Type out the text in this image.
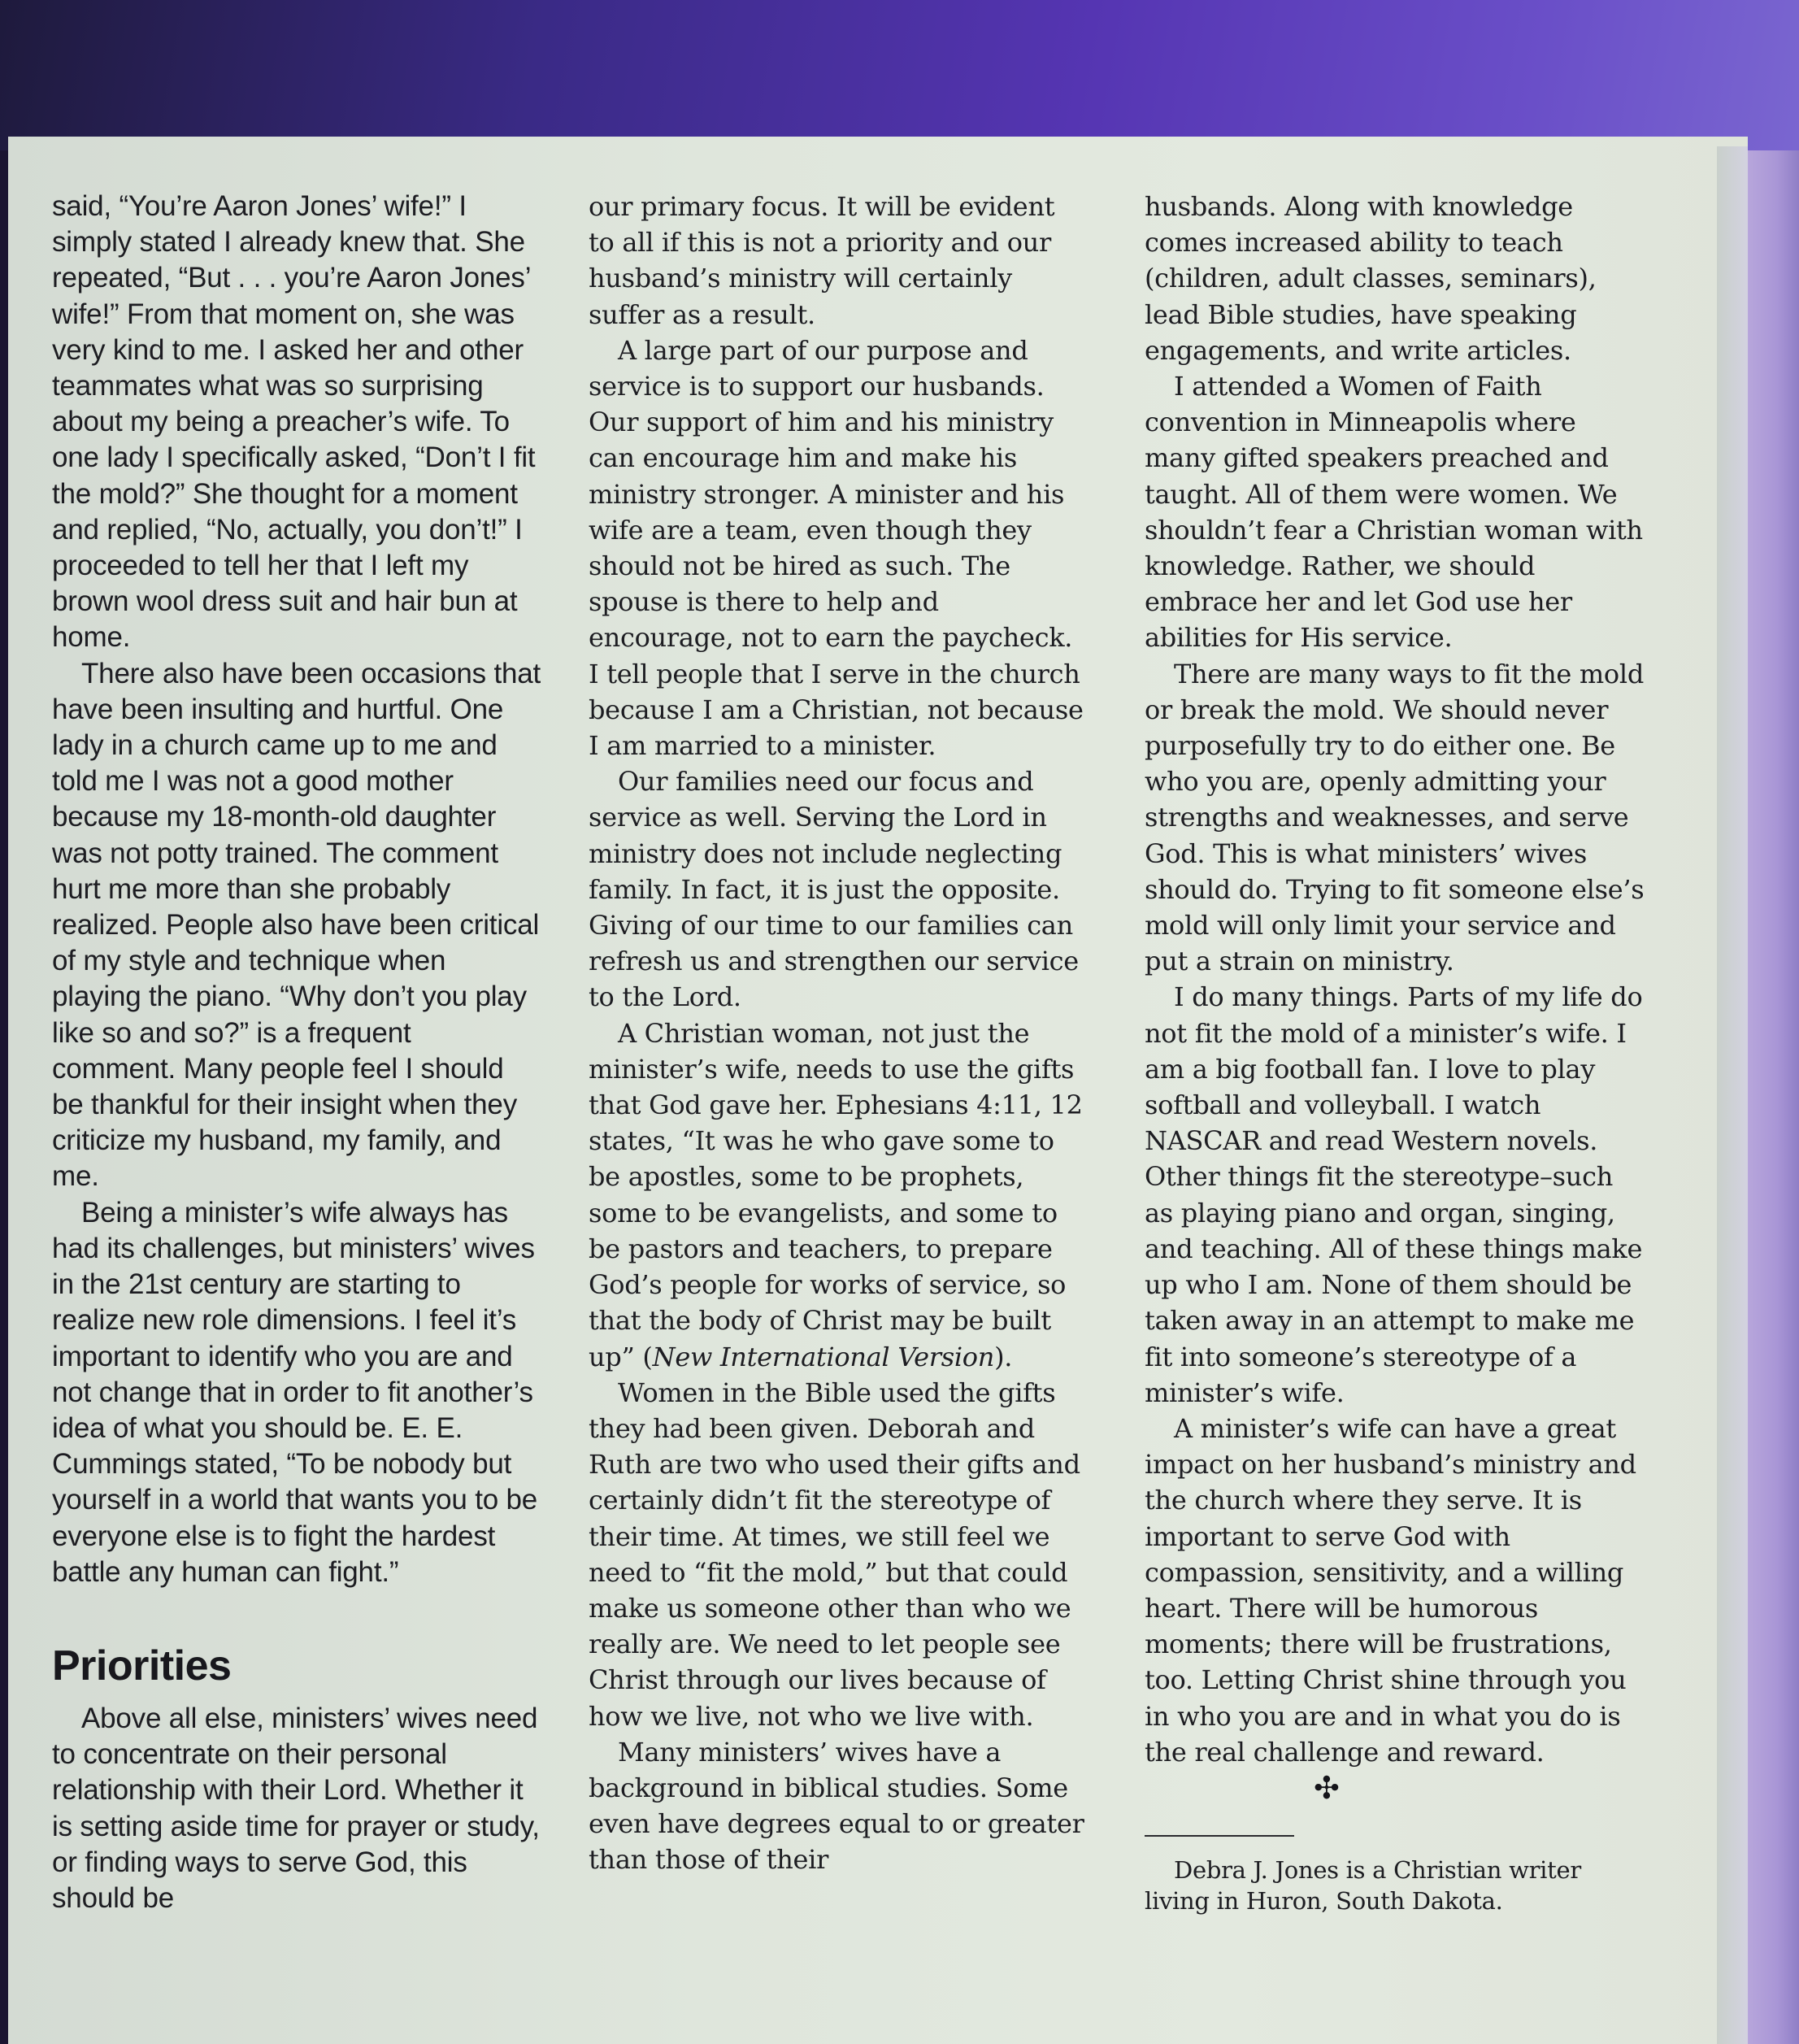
said, “You’re Aaron Jones’ wife!” I simply stated I already knew that. She repeated, “But . . . you’re Aaron Jones’ wife!” From that moment on, she was very kind to me. I asked her and other teammates what was so surprising about my being a preacher’s wife. To one lady I specifically asked, “Don’t I fit the mold?” She thought for a moment and replied, “No, actually, you don’t!” I proceeded to tell her that I left my brown wool dress suit and hair bun at home.

There also have been occasions that have been insulting and hurtful. One lady in a church came up to me and told me I was not a good mother because my 18-month-old daughter was not potty trained. The comment hurt me more than she probably realized. People also have been critical of my style and technique when playing the piano. “Why don’t you play like so and so?” is a frequent comment. Many people feel I should be thankful for their insight when they criticize my husband, my family, and me.

Being a minister’s wife always has had its challenges, but ministers’ wives in the 21st century are starting to realize new role dimensions. I feel it’s important to identify who you are and not change that in order to fit another’s idea of what you should be. E. E. Cummings stated, “To be nobody but yourself in a world that wants you to be everyone else is to fight the hardest battle any human can fight.”

Priorities

Above all else, ministers’ wives need to concentrate on their personal relationship with their Lord. Whether it is setting aside time for prayer or study, or finding ways to serve God, this should be

our primary focus. It will be evident to all if this is not a priority and our husband’s ministry will certainly suffer as a result.

A large part of our purpose and service is to support our husbands. Our support of him and his ministry can encourage him and make his ministry stronger. A minister and his wife are a team, even though they should not be hired as such. The spouse is there to help and encourage, not to earn the paycheck. I tell people that I serve in the church because I am a Christian, not because I am married to a minister.

Our families need our focus and service as well. Serving the Lord in ministry does not include neglecting family. In fact, it is just the opposite. Giving of our time to our families can refresh us and strengthen our service to the Lord.

A Christian woman, not just the minister’s wife, needs to use the gifts that God gave her. Ephesians 4:11, 12 states, “It was he who gave some to be apostles, some to be prophets, some to be evangelists, and some to be pastors and teachers, to prepare God’s people for works of service, so that the body of Christ may be built up” (New International Version).

Women in the Bible used the gifts they had been given. Deborah and Ruth are two who used their gifts and certainly didn’t fit the stereotype of their time. At times, we still feel we need to “fit the mold,” but that could make us someone other than who we really are. We need to let people see Christ through our lives because of how we live, not who we live with.

Many ministers’ wives have a background in biblical studies. Some even have degrees equal to or greater than those of their

husbands. Along with knowledge comes increased ability to teach (children, adult classes, seminars), lead Bible studies, have speaking engagements, and write articles.

I attended a Women of Faith convention in Minneapolis where many gifted speakers preached and taught. All of them were women. We shouldn’t fear a Christian woman with knowledge. Rather, we should embrace her and let God use her abilities for His service.

There are many ways to fit the mold or break the mold. We should never purposefully try to do either one. Be who you are, openly admitting your strengths and weaknesses, and serve God. This is what ministers’ wives should do. Trying to fit someone else’s mold will only limit your service and put a strain on ministry.

I do many things. Parts of my life do not fit the mold of a minister’s wife. I am a big football fan. I love to play softball and volleyball. I watch NASCAR and read Western novels. Other things fit the stereotype–such as playing piano and organ, singing, and teaching. All of these things make up who I am. None of them should be taken away in an attempt to make me fit into someone’s stereotype of a minister’s wife.

A minister’s wife can have a great impact on her husband’s ministry and the church where they serve. It is important to serve God with compassion, sensitivity, and a willing heart. There will be humorous moments; there will be frustrations, too. Letting Christ shine through you in who you are and in what you do is the real challenge and reward.✣

Debra J. Jones is a Christian writer living in Huron, South Dakota.
